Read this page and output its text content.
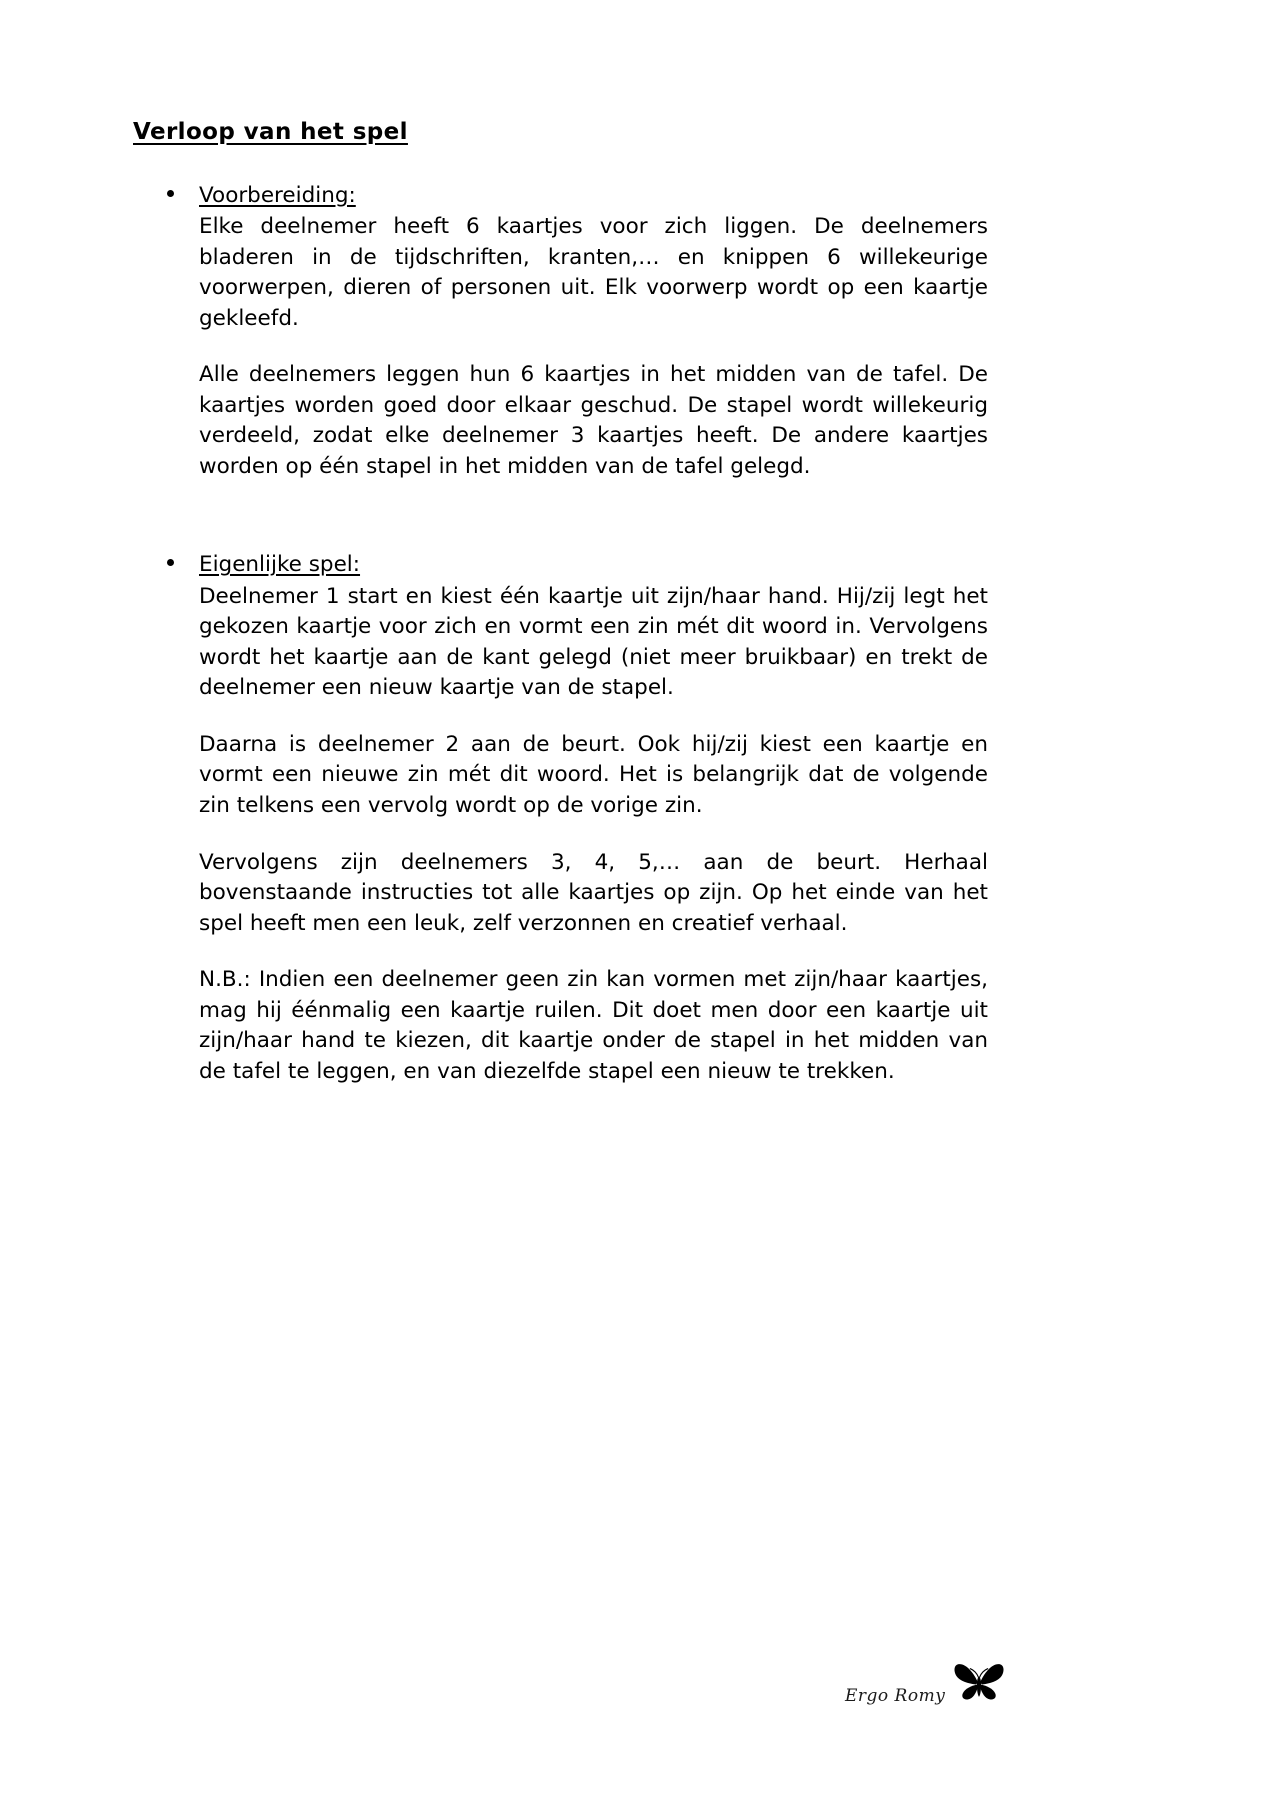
Verloop van het spel
Voorbereiding:

Elke deelnemer heeft 6 kaartjes voor zich liggen. De deelnemers bladeren in de tijdschriften, kranten,… en knippen 6 willekeurige voorwerpen, dieren of personen uit. Elk voorwerp wordt op een kaartje gekleefd.

Alle deelnemers leggen hun 6 kaartjes in het midden van de tafel. De kaartjes worden goed door elkaar geschud. De stapel wordt willekeurig verdeeld, zodat elke deelnemer 3 kaartjes heeft. De andere kaartjes worden op één stapel in het midden van de tafel gelegd.

Eigenlijke spel:

Deelnemer 1 start en kiest één kaartje uit zijn/haar hand. Hij/zij legt het gekozen kaartje voor zich en vormt een zin mét dit woord in. Vervolgens wordt het kaartje aan de kant gelegd (niet meer bruikbaar) en trekt de deelnemer een nieuw kaartje van de stapel.

Daarna is deelnemer 2 aan de beurt. Ook hij/zij kiest een kaartje en vormt een nieuwe zin mét dit woord. Het is belangrijk dat de volgende zin telkens een vervolg wordt op de vorige zin.

Vervolgens zijn deelnemers 3, 4, 5,… aan de beurt. Herhaal bovenstaande instructies tot alle kaartjes op zijn. Op het einde van het spel heeft men een leuk, zelf verzonnen en creatief verhaal.

N.B.: Indien een deelnemer geen zin kan vormen met zijn/haar kaartjes, mag hij éénmalig een kaartje ruilen. Dit doet men door een kaartje uit zijn/haar hand te kiezen, dit kaartje onder de stapel in het midden van de tafel te leggen, en van diezelfde stapel een nieuw te trekken.

Ergo Romy
